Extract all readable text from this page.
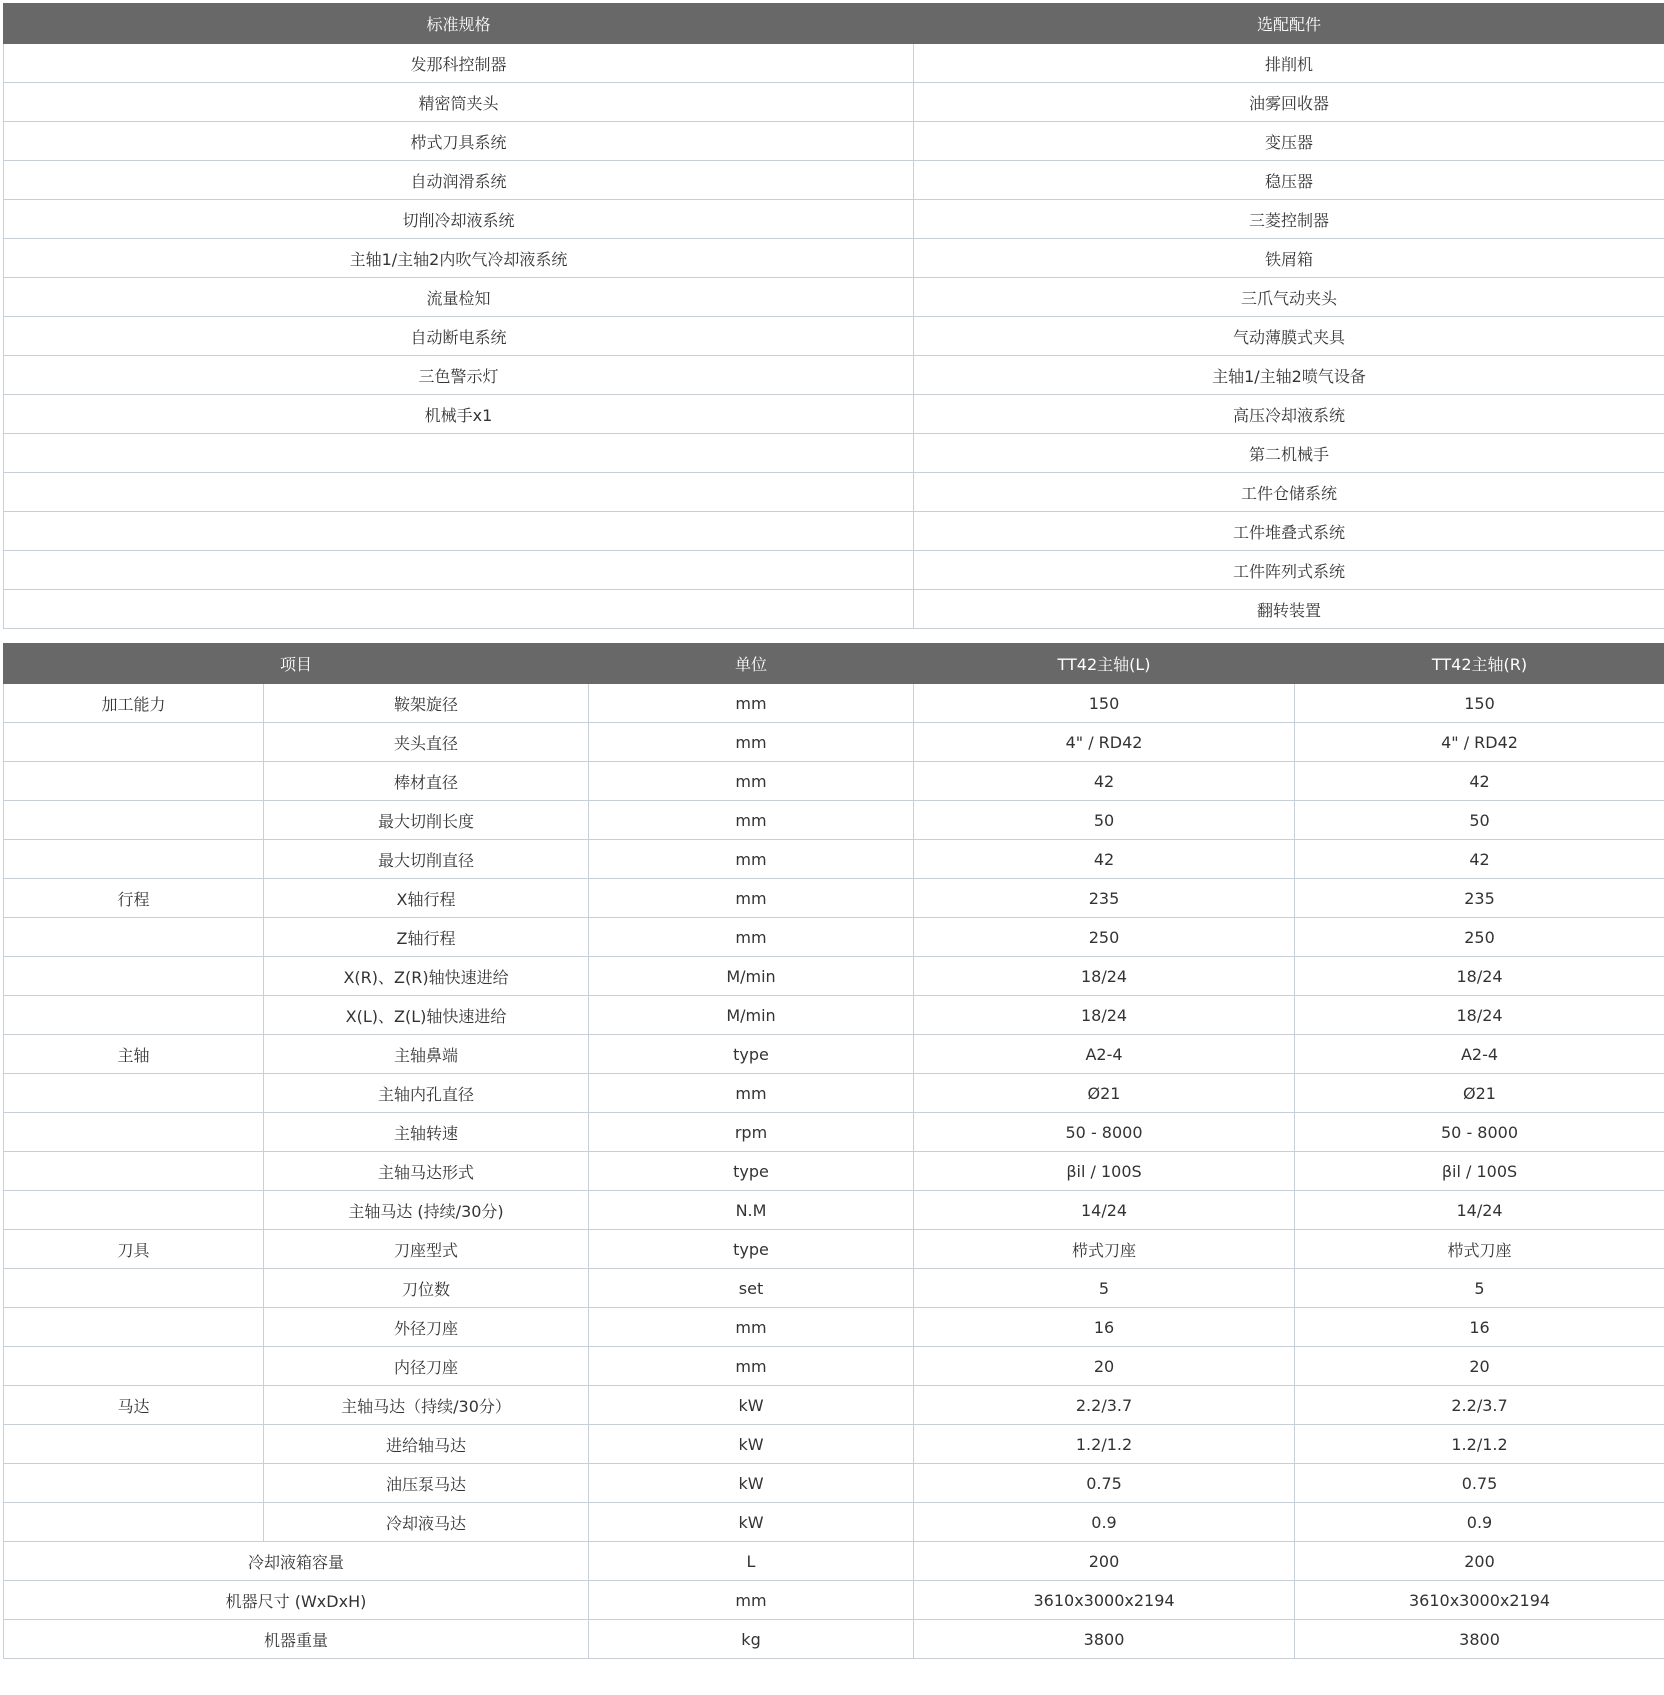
标准规格	选配配件
发那科控制器	排削机
精密筒夹头	油雾回收器
栉式刀具系统	变压器
自动润滑系统	稳压器
切削冷却液系统	三菱控制器
主轴1/主轴2内吹气冷却液系统	铁屑箱
流量检知	三爪气动夹头
自动断电系统	气动薄膜式夹具
三色警示灯	主轴1/主轴2喷气设备
机械手x1	高压冷却液系统
	第二机械手
	工件仓储系统
	工件堆叠式系统
	工件阵列式系统
	翻转装置
项目		单位	TT42主轴(L)	TT42主轴(R)
加工能力	鞍架旋径	mm	150	150
	夹头直径	mm	4" / RD42	4" / RD42
	棒材直径	mm	42	42
	最大切削长度	mm	50	50
	最大切削直径	mm	42	42
行程	X轴行程	mm	235	235
	Z轴行程	mm	250	250
	X(R)、Z(R)轴快速进给	M/min	18/24	18/24
	X(L)、Z(L)轴快速进给	M/min	18/24	18/24
主轴	主轴鼻端	type	A2-4	A2-4
	主轴内孔直径	mm	Ø21	Ø21
	主轴转速	rpm	50 - 8000	50 - 8000
	主轴马达形式	type	βil / 100S	βil / 100S
	主轴马达 (持续/30分)	N.M	14/24	14/24
刀具	刀座型式	type	栉式刀座	栉式刀座
	刀位数	set	5	5
	外径刀座	mm	16	16
	内径刀座	mm	20	20
马达	主轴马达（持续/30分）	kW	2.2/3.7	2.2/3.7
	进给轴马达	kW	1.2/1.2	1.2/1.2
	油压泵马达	kW	0.75	0.75
	冷却液马达	kW	0.9	0.9
冷却液箱容量		L	200	200
机器尺寸 (WxDxH)		mm	3610x3000x2194	3610x3000x2194
机器重量		kg	3800	3800
